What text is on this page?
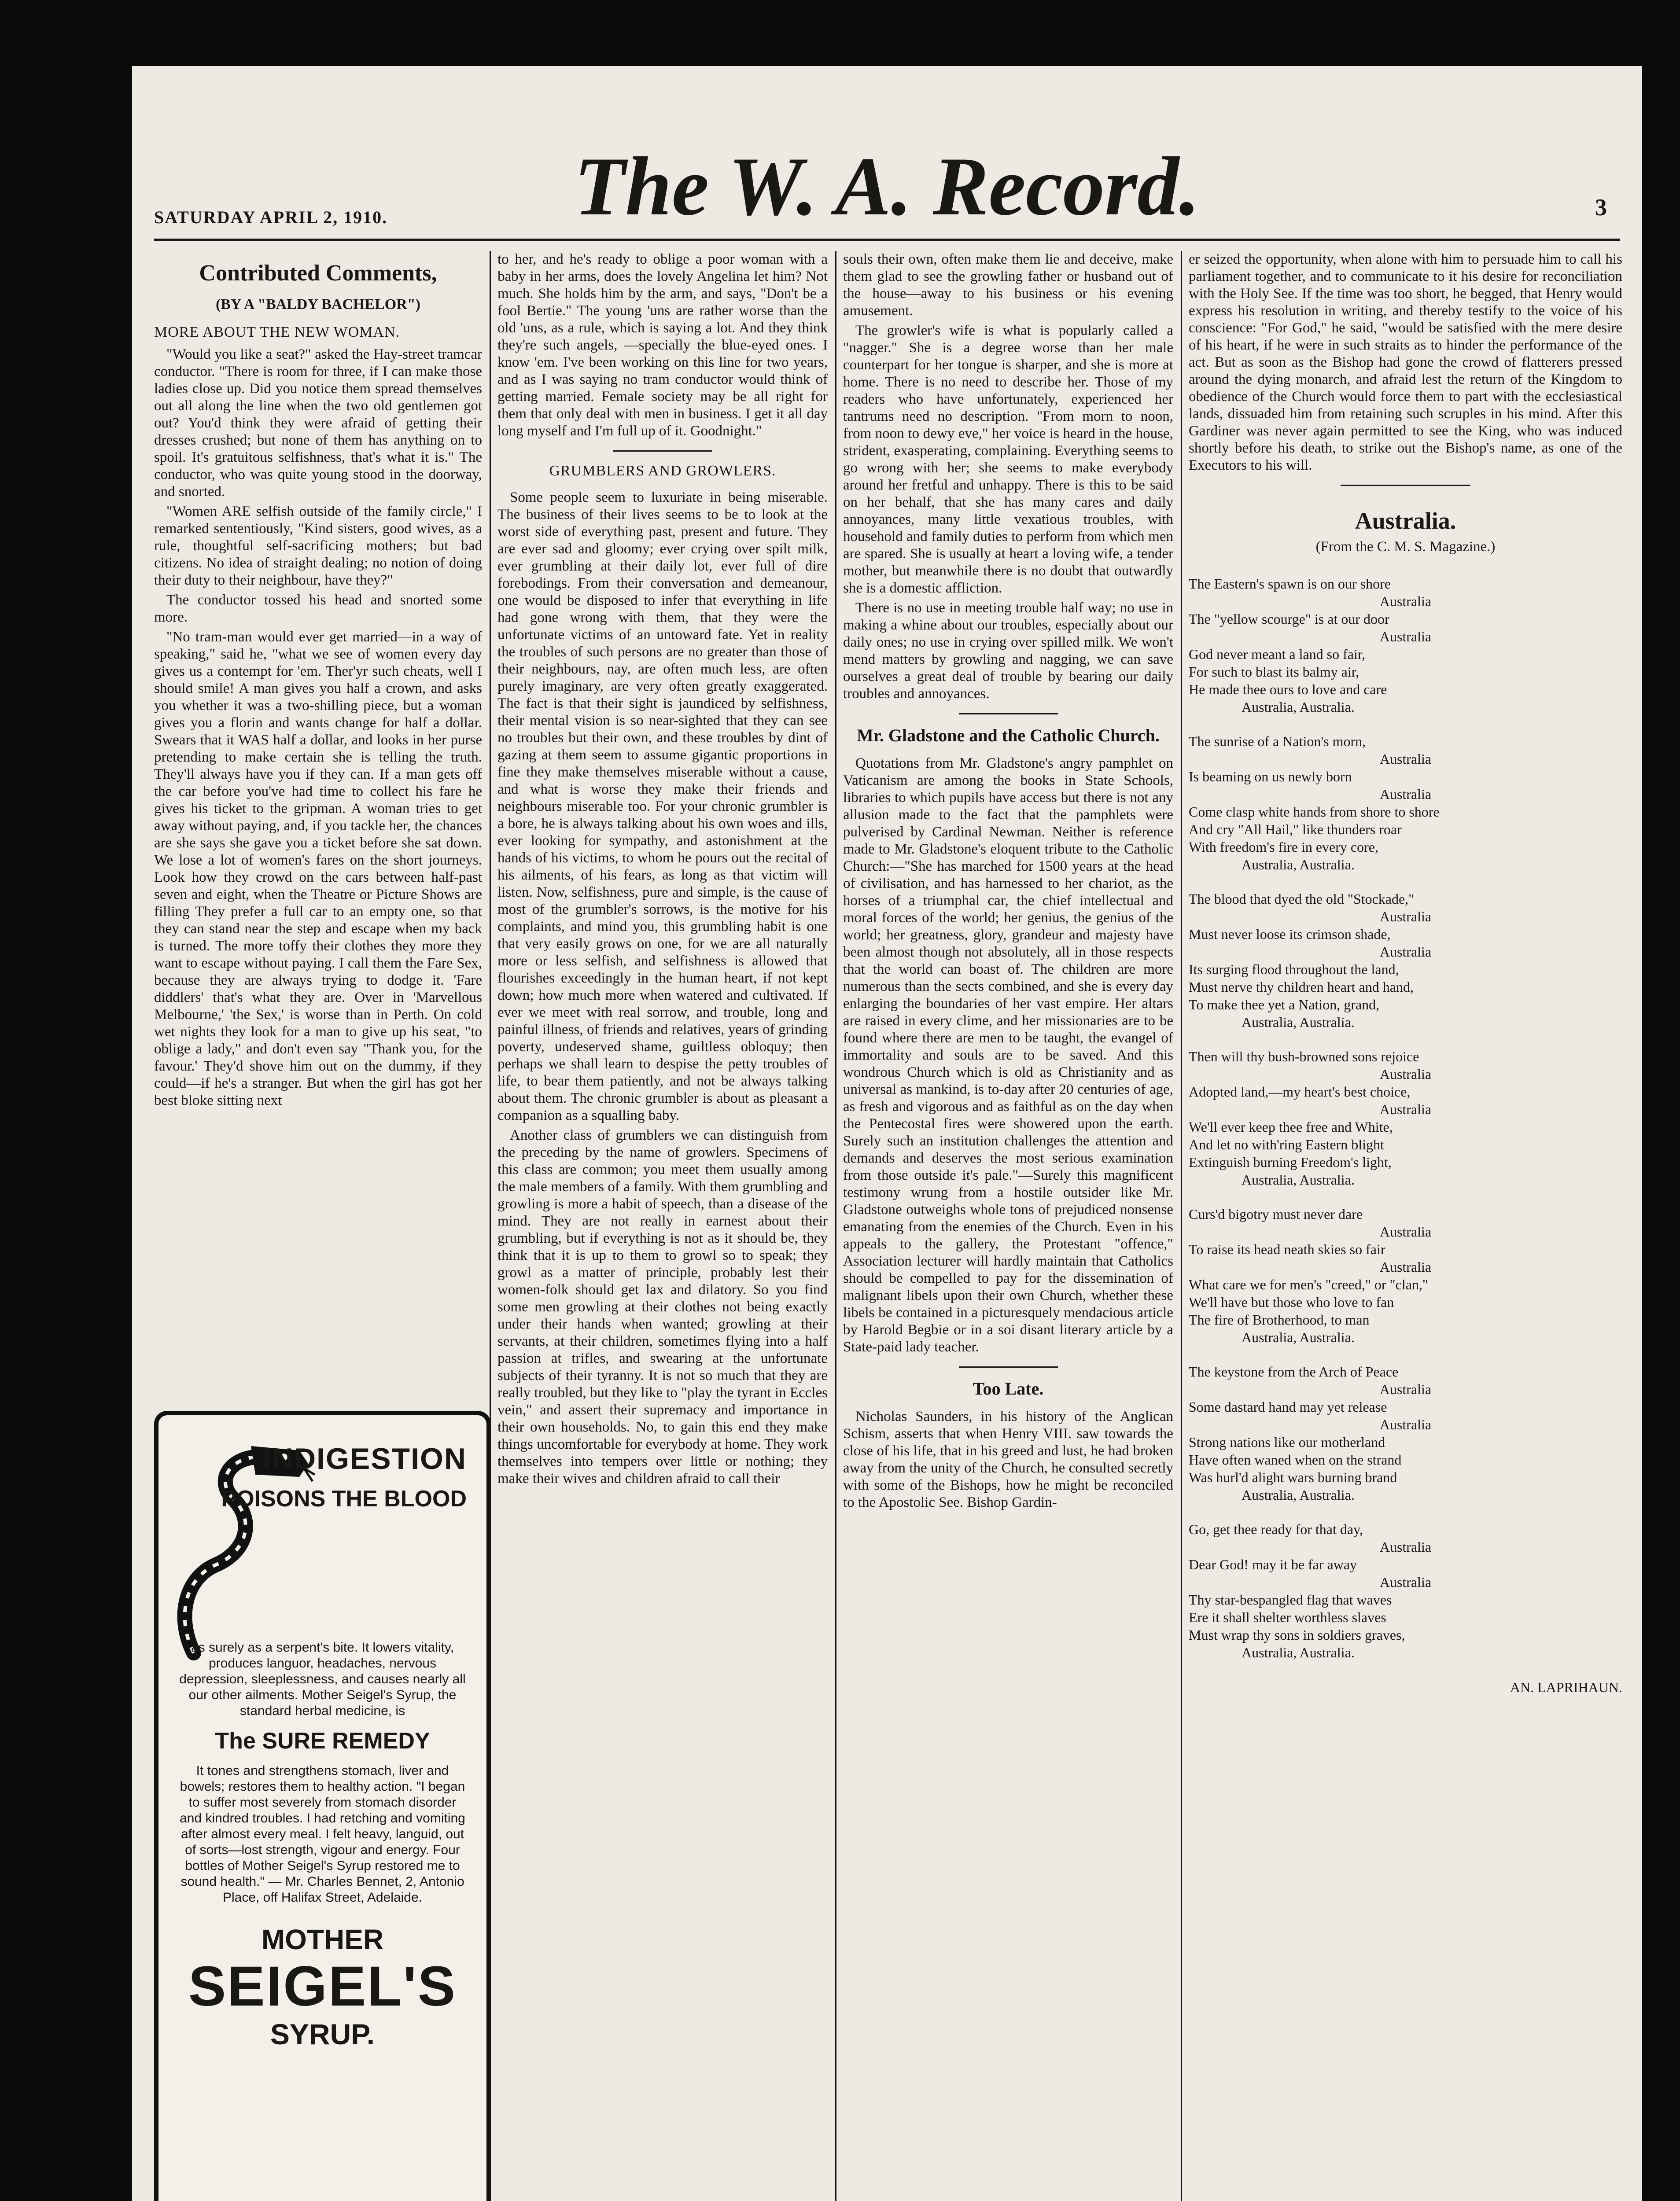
SATURDAY APRIL 2, 1910.	The W. A. Record.	3
Contributed Comments,
(BY A "BALDY BACHELOR")
MORE ABOUT THE NEW WOMAN.

"Would you like a seat?" asked the Hay-street tramcar conductor. "There is room for three, if I can make those ladies close up. Did you notice them spread themselves out all along the line when the two old gentlemen got out? You'd think they were afraid of getting their dresses crushed; but none of them has anything on to spoil. It's gratuitous selfishness, that's what it is." The conductor, who was quite young stood in the doorway, and snorted.

"Women ARE selfish outside of the family circle," I remarked sententiously, "Kind sisters, good wives, as a rule, thoughtful self-sacrificing mothers; but bad citizens. No idea of straight dealing; no notion of doing their duty to their neighbour, have they?"

The conductor tossed his head and snorted some more.

"No tram-man would ever get married—in a way of speaking," said he, "what we see of women every day gives us a contempt for 'em. Ther'yr such cheats, well I should smile! A man gives you half a crown, and asks you whether it was a two-shilling piece, but a woman gives you a florin and wants change for half a dollar. Swears that it WAS half a dollar, and looks in her purse pretending to make certain she is telling the truth. They'll always have you if they can. If a man gets off the car before you've had time to collect his fare he gives his ticket to the gripman. A woman tries to get away without paying, and, if you tackle her, the chances are she says she gave you a ticket before she sat down. We lose a lot of women's fares on the short journeys. Look how they crowd on the cars between half-past seven and eight, when the Theatre or Picture Shows are filling They prefer a full car to an empty one, so that they can stand near the step and escape when my back is turned. The more toffy their clothes they more they want to escape without paying. I call them the Fare Sex, because they are always trying to dodge it. 'Fare diddlers' that's what they are. Over in 'Marvellous Melbourne,' 'the Sex,' is worse than in Perth. On cold wet nights they look for a man to give up his seat, "to oblige a lady," and don't even say "Thank you, for the favour.' They'd shove him out on the dummy, if they could—if he's a stranger. But when the girl has got her best bloke sitting next

INDIGESTION
POISONS THE BLOOD
as surely as a serpent's bite. It lowers vitality, produces languor, headaches, nervous depression, sleeplessness, and causes nearly all our other ailments. Mother Seigel's Syrup, the standard herbal medicine, is
The SURE REMEDY
It tones and strengthens stomach, liver and bowels; restores them to healthy action. "I began to suffer most severely from stomach disorder and kindred troubles. I had retching and vomiting after almost every meal. I felt heavy, languid, out of sorts—lost strength, vigour and energy. Four bottles of Mother Seigel's Syrup restored me to sound health." — Mr. Charles Bennet, 2, Antonio Place, off Halifax Street, Adelaide.
MOTHER
SEIGEL'S
SYRUP.

to her, and he's ready to oblige a poor woman with a baby in her arms, does the lovely Angelina let him? Not much. She holds him by the arm, and says, "Don't be a fool Bertie." The young 'uns are rather worse than the old 'uns, as a rule, which is saying a lot. And they think they're such angels, —specially the blue-eyed ones. I know 'em. I've been working on this line for two years, and as I was saying no tram conductor would think of getting married. Female society may be all right for them that only deal with men in business. I get it all day long myself and I'm full up of it. Goodnight."

GRUMBLERS AND GROWLERS.

Some people seem to luxuriate in being miserable. The business of their lives seems to be to look at the worst side of everything past, present and future. They are ever sad and gloomy; ever crying over spilt milk, ever grumbling at their daily lot, ever full of dire forebodings. From their conversation and demeanour, one would be disposed to infer that everything in life had gone wrong with them, that they were the unfortunate victims of an untoward fate. Yet in reality the troubles of such persons are no greater than those of their neighbours, nay, are often much less, are often purely imaginary, are very often greatly exaggerated. The fact is that their sight is jaundiced by selfishness, their mental vision is so near-sighted that they can see no troubles but their own, and these troubles by dint of gazing at them seem to assume gigantic proportions in fine they make themselves miserable without a cause, and what is worse they make their friends and neighbours miserable too. For your chronic grumbler is a bore, he is always talking about his own woes and ills, ever looking for sympathy, and astonishment at the hands of his victims, to whom he pours out the recital of his ailments, of his fears, as long as that victim will listen. Now, selfishness, pure and simple, is the cause of most of the grumbler's sorrows, is the motive for his complaints, and mind you, this grumbling habit is one that very easily grows on one, for we are all naturally more or less selfish, and selfishness is allowed that flourishes exceedingly in the human heart, if not kept down; how much more when watered and cultivated. If ever we meet with real sorrow, and trouble, long and painful illness, of friends and relatives, years of grinding poverty, undeserved shame, guiltless obloquy; then perhaps we shall learn to despise the petty troubles of life, to bear them patiently, and not be always talking about them. The chronic grumbler is about as pleasant a companion as a squalling baby.

Another class of grumblers we can distinguish from the preceding by the name of growlers. Specimens of this class are common; you meet them usually among the male members of a family. With them grumbling and growling is more a habit of speech, than a disease of the mind. They are not really in earnest about their grumbling, but if everything is not as it should be, they think that it is up to them to growl so to speak; they growl as a matter of principle, probably lest their women-folk should get lax and dilatory. So you find some men growling at their clothes not being exactly under their hands when wanted; growling at their servants, at their children, sometimes flying into a half passion at trifles, and swearing at the unfortunate subjects of their tyranny. It is not so much that they are really troubled, but they like to "play the tyrant in Eccles vein," and assert their supremacy and importance in their own households. No, to gain this end they make things uncomfortable for everybody at home. They work themselves into tempers over little or nothing; they make their wives and children afraid to call their

souls their own, often make them lie and deceive, make them glad to see the growling father or husband out of the house—away to his business or his evening amusement.

The growler's wife is what is popularly called a "nagger." She is a degree worse than her male counterpart for her tongue is sharper, and she is more at home. There is no need to describe her. Those of my readers who have unfortunately, experienced her tantrums need no description. "From morn to noon, from noon to dewy eve," her voice is heard in the house, strident, exasperating, complaining. Everything seems to go wrong with her; she seems to make everybody around her fretful and unhappy. There is this to be said on her behalf, that she has many cares and daily annoyances, many little vexatious troubles, with household and family duties to perform from which men are spared. She is usually at heart a loving wife, a tender mother, but meanwhile there is no doubt that outwardly she is a domestic affliction.

There is no use in meeting trouble half way; no use in making a whine about our troubles, especially about our daily ones; no use in crying over spilled milk. We won't mend matters by growling and nagging, we can save ourselves a great deal of trouble by bearing our daily troubles and annoyances.

Mr. Gladstone and the Catholic Church.

Quotations from Mr. Gladstone's angry pamphlet on Vaticanism are among the books in State Schools, libraries to which pupils have access but there is not any allusion made to the fact that the pamphlets were pulverised by Cardinal Newman. Neither is reference made to Mr. Gladstone's eloquent tribute to the Catholic Church:—"She has marched for 1500 years at the head of civilisation, and has harnessed to her chariot, as the horses of a triumphal car, the chief intellectual and moral forces of the world; her genius, the genius of the world; her greatness, glory, grandeur and majesty have been almost though not absolutely, all in those respects that the world can boast of. The children are more numerous than the sects combined, and she is every day enlarging the boundaries of her vast empire. Her altars are raised in every clime, and her missionaries are to be found where there are men to be taught, the evangel of immortality and souls are to be saved. And this wondrous Church which is old as Christianity and as universal as mankind, is to-day after 20 centuries of age, as fresh and vigorous and as faithful as on the day when the Pentecostal fires were showered upon the earth. Surely such an institution challenges the attention and demands and deserves the most serious examination from those outside it's pale."—Surely this magnificent testimony wrung from a hostile outsider like Mr. Gladstone outweighs whole tons of prejudiced nonsense emanating from the enemies of the Church. Even in his appeals to the gallery, the Protestant "offence," Association lecturer will hardly maintain that Catholics should be compelled to pay for the dissemination of malignant libels upon their own Church, whether these libels be contained in a picturesquely mendacious article by Harold Begbie or in a soi disant literary article by a State-paid lady teacher.

Too Late.

Nicholas Saunders, in his history of the Anglican Schism, asserts that when Henry VIII. saw towards the close of his life, that in his greed and lust, he had broken away from the unity of the Church, he consulted secretly with some of the Bishops, how he might be reconciled to the Apostolic See. Bishop Gardin-

er seized the opportunity, when alone with him to persuade him to call his parliament together, and to communicate to it his desire for reconciliation with the Holy See. If the time was too short, he begged, that Henry would express his resolution in writing, and thereby testify to the voice of his conscience: "For God," he said, "would be satisfied with the mere desire of his heart, if he were in such straits as to hinder the performance of the act. But as soon as the Bishop had gone the crowd of flatterers pressed around the dying monarch, and afraid lest the return of the Kingdom to obedience of the Church would force them to part with the ecclesiastical lands, dissuaded him from retaining such scruples in his mind. After this Gardiner was never again permitted to see the King, who was induced shortly before his death, to strike out the Bishop's name, as one of the Executors to his will.

Australia.
(From the C. M. S. Magazine.)
The Eastern's spawn is on our shore
Australia
The "yellow scourge" is at our door
Australia
God never meant a land so fair,
For such to blast its balmy air,
He made thee ours to love and care
Australia, Australia.
The sunrise of a Nation's morn,
Australia
Is beaming on us newly born
Australia
Come clasp white hands from shore to shore
And cry "All Hail," like thunders roar
With freedom's fire in every core,
Australia, Australia.
The blood that dyed the old "Stockade,"
Australia
Must never loose its crimson shade,
Australia
Its surging flood throughout the land,
Must nerve thy children heart and hand,
To make thee yet a Nation, grand,
Australia, Australia.
Then will thy bush-browned sons rejoice
Australia
Adopted land,—my heart's best choice,
Australia
We'll ever keep thee free and White,
And let no with'ring Eastern blight
Extinguish burning Freedom's light,
Australia, Australia.
Curs'd bigotry must never dare
Australia
To raise its head neath skies so fair
Australia
What care we for men's "creed," or "clan,"
We'll have but those who love to fan
The fire of Brotherhood, to man
Australia, Australia.
The keystone from the Arch of Peace
Australia
Some dastard hand may yet release
Australia
Strong nations like our motherland
Have often waned when on the strand
Was hurl'd alight wars burning brand
Australia, Australia.
Go, get thee ready for that day,
Australia
Dear God! may it be far away
Australia
Thy star-bespangled flag that waves
Ere it shall shelter worthless slaves
Must wrap thy sons in soldiers graves,
Australia, Australia.
AN. LAPRIHAUN.
